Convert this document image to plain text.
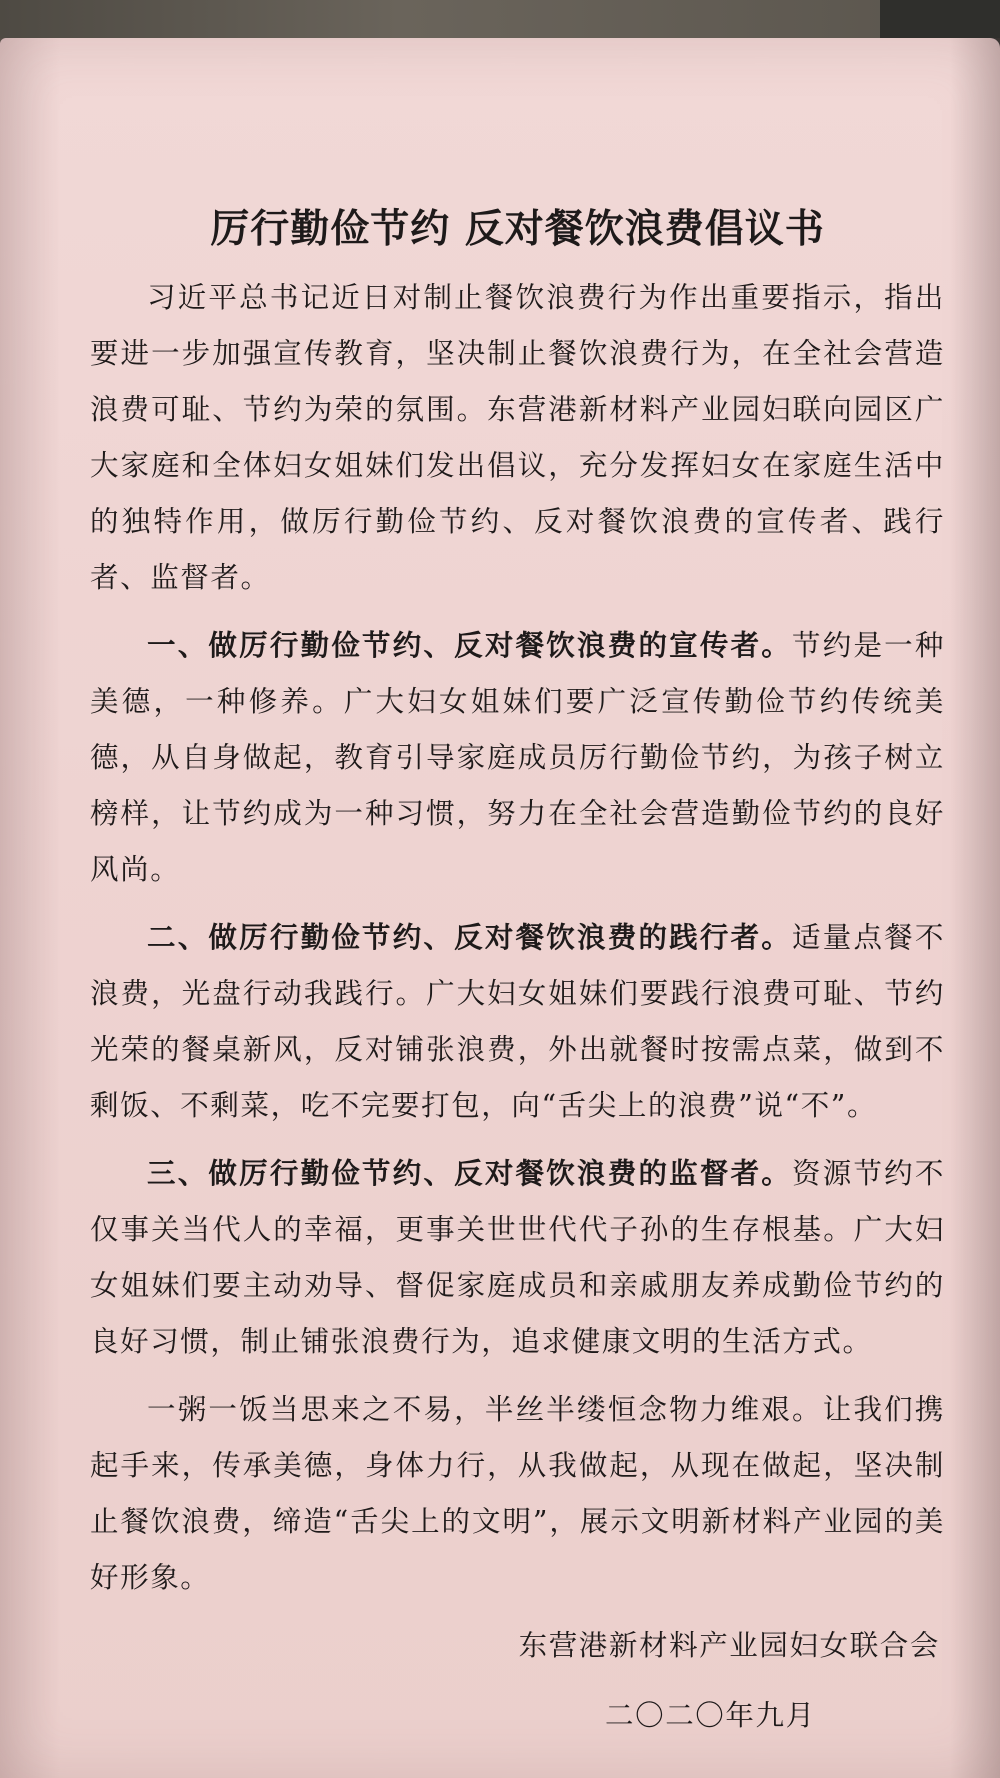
厉行勤俭节约 反对餐饮浪费倡议书

习近平总书记近日对制止餐饮浪费行为作出重要指示，指出要进一步加强宣传教育，坚决制止餐饮浪费行为，在全社会营造浪费可耻、节约为荣的氛围。东营港新材料产业园妇联向园区广大家庭和全体妇女姐妹们发出倡议，充分发挥妇女在家庭生活中的独特作用，做厉行勤俭节约、反对餐饮浪费的宣传者、践行者、监督者。

一、做厉行勤俭节约、反对餐饮浪费的宣传者。节约是一种美德，一种修养。广大妇女姐妹们要广泛宣传勤俭节约传统美德，从自身做起，教育引导家庭成员厉行勤俭节约，为孩子树立榜样，让节约成为一种习惯，努力在全社会营造勤俭节约的良好风尚。

二、做厉行勤俭节约、反对餐饮浪费的践行者。适量点餐不浪费，光盘行动我践行。广大妇女姐妹们要践行浪费可耻、节约光荣的餐桌新风，反对铺张浪费，外出就餐时按需点菜，做到不剩饭、不剩菜，吃不完要打包，向“舌尖上的浪费”说“不”。

三、做厉行勤俭节约、反对餐饮浪费的监督者。资源节约不仅事关当代人的幸福，更事关世世代代子孙的生存根基。广大妇女姐妹们要主动劝导、督促家庭成员和亲戚朋友养成勤俭节约的良好习惯，制止铺张浪费行为，追求健康文明的生活方式。

一粥一饭当思来之不易，半丝半缕恒念物力维艰。让我们携起手来，传承美德，身体力行，从我做起，从现在做起，坚决制止餐饮浪费，缔造“舌尖上的文明”，展示文明新材料产业园的美好形象。

东营港新材料产业园妇女联合会
二〇二〇年九月
